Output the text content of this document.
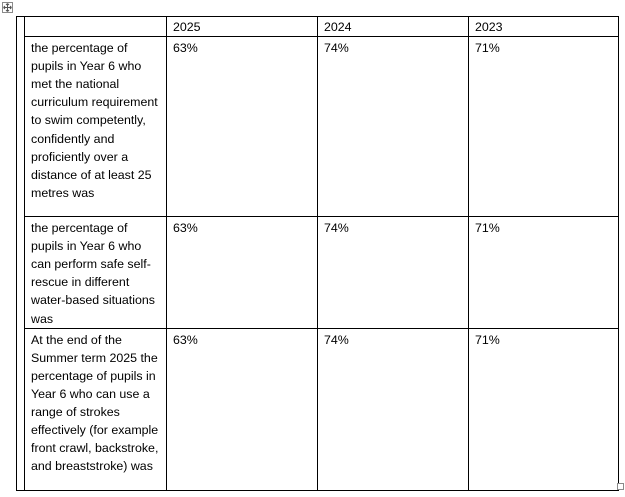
		2025	2024	2023
	the percentage of pupils in Year 6 who met the national curriculum requirement to swim competently, confidently and proficiently over a distance of at least 25 metres was	63%	74%	71%
	the percentage of pupils in Year 6 who can perform safe self-rescue in different water-based situations was	63%	74%	71%
	At the end of the Summer term 2025 the percentage of pupils in Year 6 who can use a range of strokes effectively (for example front crawl, backstroke, and breaststroke) was	63%	74%	71%
